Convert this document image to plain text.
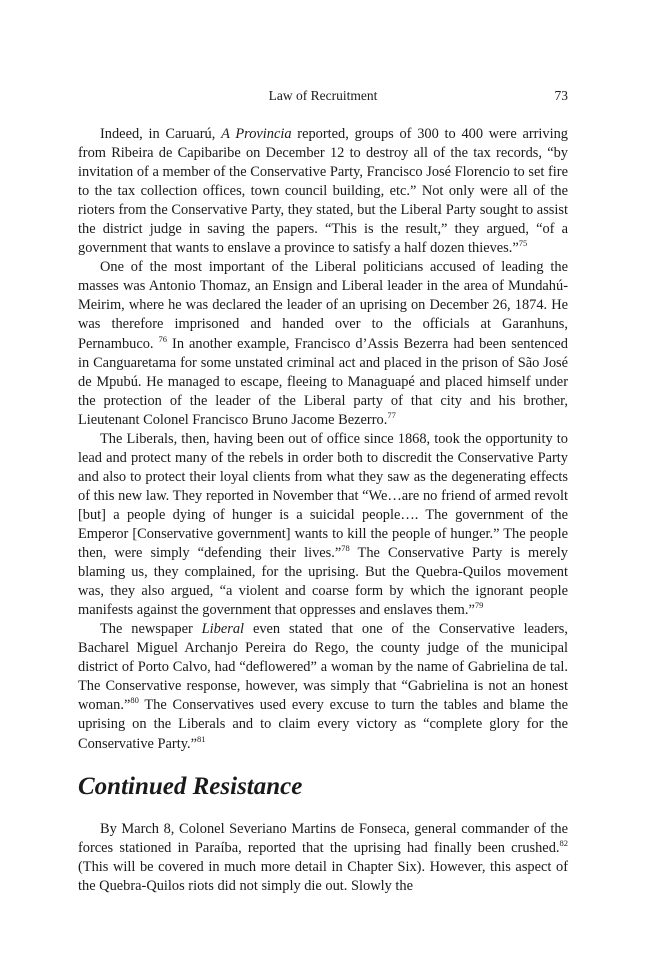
Law of Recruitment	73

Indeed, in Caruarú, A Provincia reported, groups of 300 to 400 were arriving from Ribeira de Capibaribe on December 12 to destroy all of the tax records, “by invitation of a member of the Conservative Party, Francisco José Florencio to set fire to the tax collection offices, town council building, etc.” Not only were all of the rioters from the Conservative Party, they stated, but the Liberal Party sought to assist the district judge in saving the papers. “This is the result,” they argued, “of a government that wants to enslave a province to satisfy a half dozen thieves.”$^{75}$

One of the most important of the Liberal politicians accused of leading the masses was Antonio Thomaz, an Ensign and Liberal leader in the area of Mundahú-Meirim, where he was declared the leader of an uprising on December 26, 1874. He was therefore imprisoned and handed over to the officials at Garanhuns, Pernambuco. $^{76}$ In another example, Francisco d’Assis Bezerra had been sentenced in Canguaretama for some unstated criminal act and placed in the prison of São José de Mpubú. He managed to escape, fleeing to Managuapé and placed himself under the protection of the leader of the Liberal party of that city and his brother, Lieutenant Colonel Francisco Bruno Jacome Bezerro.$^{77}$

The Liberals, then, having been out of office since 1868, took the opportunity to lead and protect many of the rebels in order both to discredit the Conservative Party and also to protect their loyal clients from what they saw as the degenerating effects of this new law. They reported in November that “We…are no friend of armed revolt [but] a people dying of hunger is a suicidal people…. The government of the Emperor [Conservative government] wants to kill the people of hunger.” The people then, were simply “defending their lives.”$^{78}$ The Conservative Party is merely blaming us, they complained, for the uprising. But the Quebra-Quilos movement was, they also argued, “a violent and coarse form by which the ignorant people manifests against the government that oppresses and enslaves them.”$^{79}$

The newspaper Liberal even stated that one of the Conservative leaders, Bacharel Miguel Archanjo Pereira do Rego, the county judge of the municipal district of Porto Calvo, had “deflowered” a woman by the name of Gabrielina de tal. The Conservative response, however, was simply that “Gabrielina is not an honest woman.”$^{80}$ The Conservatives used every excuse to turn the tables and blame the uprising on the Liberals and to claim every victory as “complete glory for the Conservative Party.”$^{81}$

Continued Resistance

By March 8, Colonel Severiano Martins de Fonseca, general commander of the forces stationed in Paraíba, reported that the uprising had finally been crushed.$^{82}$ (This will be covered in much more detail in Chapter Six). However, this aspect of the Quebra-Quilos riots did not simply die out. Slowly the
